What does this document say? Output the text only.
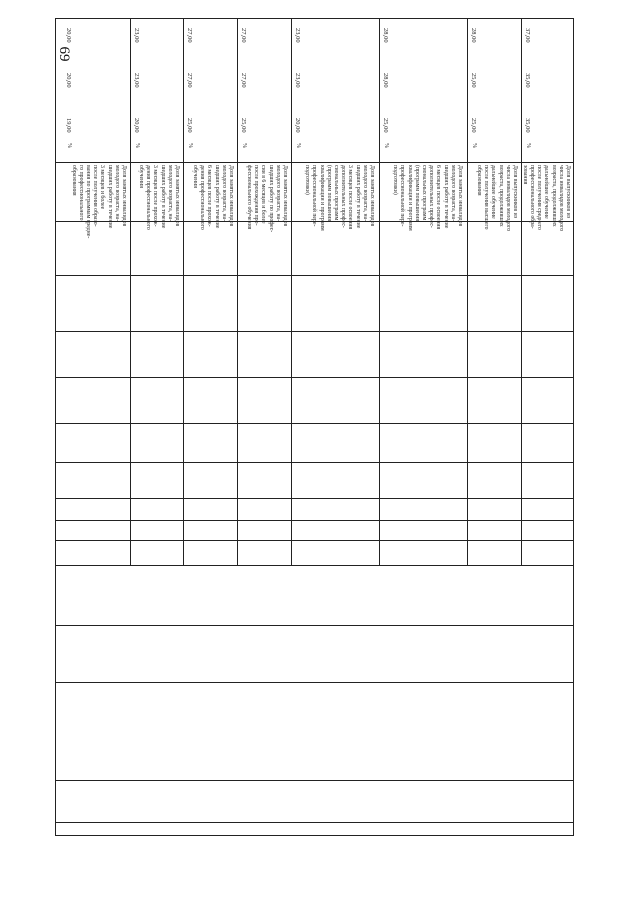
69
20,00
20,00
19,00
%
Доля занятых инвалидов
молодого возраста, на-
шедших работу в течение
3 месяцев и более
после получения образо-
вания по программам средне-
го профессионального
образования
23,00
23,00
20,00
%
Доля занятых инвалидов
молодого возраста, на-
шедших работу в течение
3 месяцев после прохож-
дения профессионального
обучения
27,00
27,00
25,00
%
Доля занятых инвалидов
молодого возраста, на-
шедших работу в течение
6 месяцев после прохож-
дения профессионального
обучения
27,00
27,00
25,00
%
Доля занятых инвалидов
молодого возраста, на-
шедших работу по профес-
сии в 6 месяцев и более
после прохождения про-
фессионального обучения
23,00
23,00
20,00
%
Доля занятых инвалидов
молодого возраста, на-
шедших работу в течение
3 месяцев после освоения
дополнительных профес-
сиональных программ
(программ повышения
квалификации и программ
профессиональной пере-
подготовки)
28,00
28,00
25,00
%
Доля занятых инвалидов
молодого возраста, на-
шедших работу в течение
6 месяцев после освоения
дополнительных профес-
сиональных программ
(программ повышения
квалификации и программ
профессиональной пере-
подготовки)
28,00
25,00
25,00
%
Доля выпускников из
числа инвалидов молодого
возраста, продолживших
дальнейшее обучение
после получения высшего
образования
37,00
35,00
35,00
%
Доля выпускников из
числа инвалидов молодого
возраста, продолживших
дальнейшее обучение
после получения среднего
профессионального обра-
зования
